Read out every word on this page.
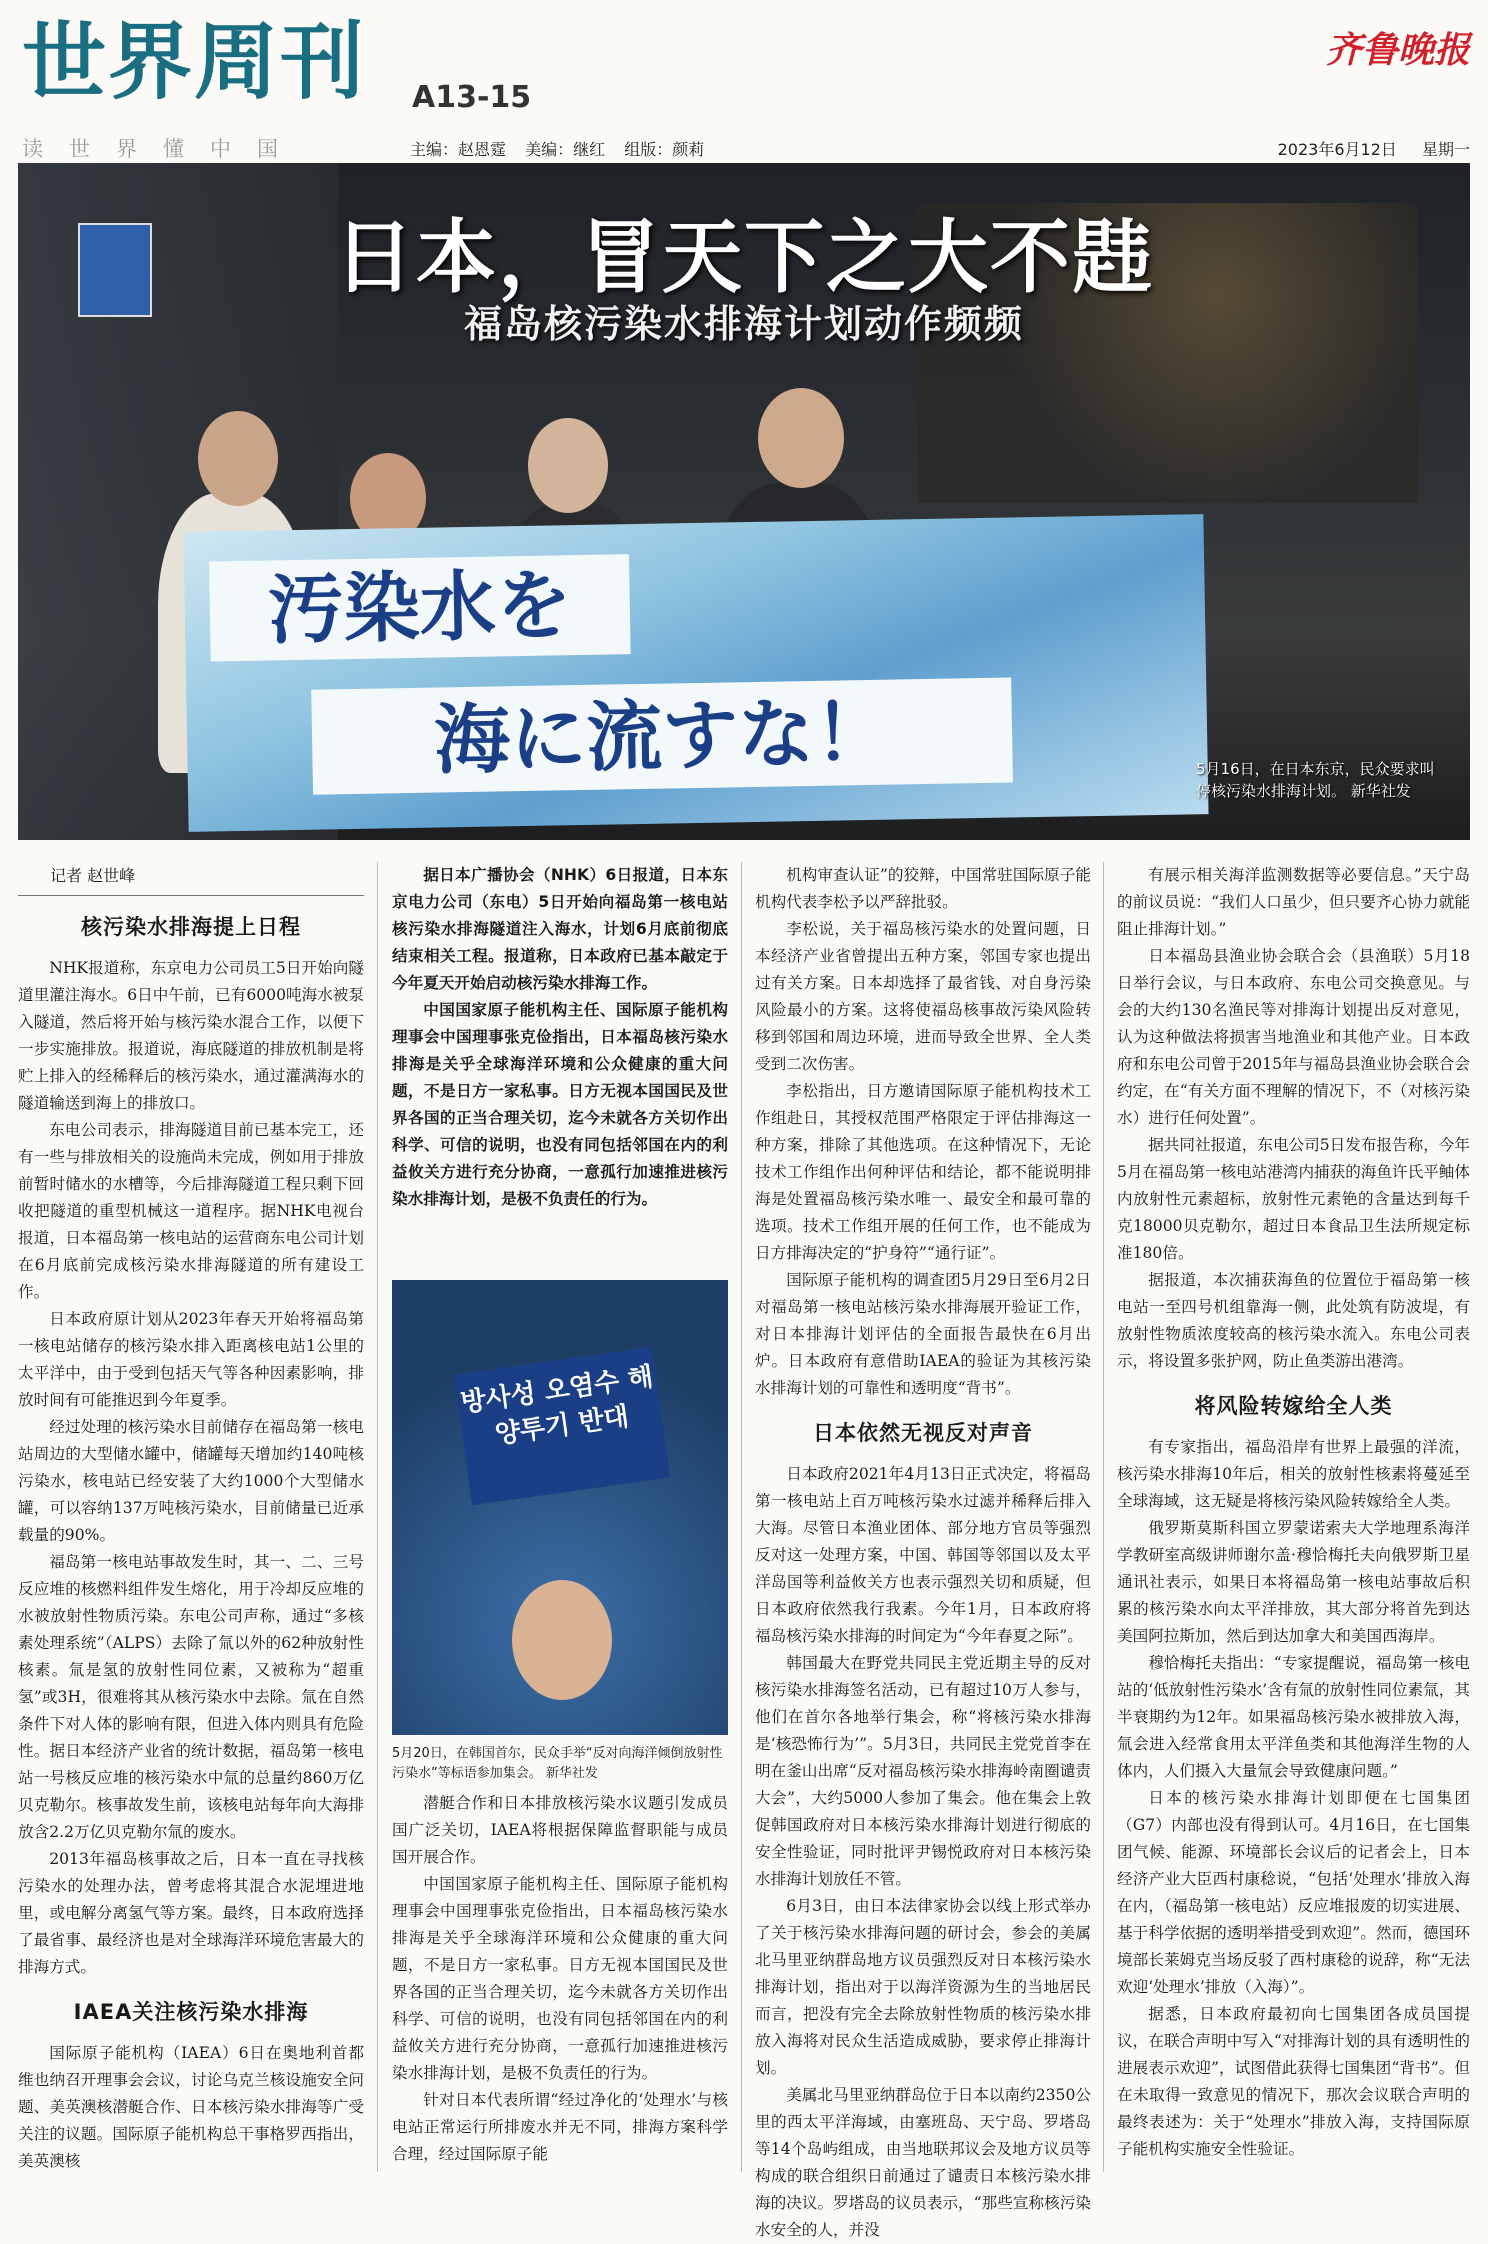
世界周刊 A13-15
齐鲁晚报
读世界懂中国	主编：赵恩霆 美编：继红 组版：颜莉	2023年6月12日 星期一
汚染水を
海に流すな！
日本，冒天下之大不韪
福岛核污染水排海计划动作频频
5月16日，在日本东京，民众要求叫停核污染水排海计划。 新华社发

记者 赵世峰

核污染水排海提上日程

NHK报道称，东京电力公司员工5日开始向隧道里灌注海水。6日中午前，已有6000吨海水被泵入隧道，然后将开始与核污染水混合工作，以便下一步实施排放。报道说，海底隧道的排放机制是将贮上排入的经稀释后的核污染水，通过灌满海水的隧道输送到海上的排放口。

东电公司表示，排海隧道目前已基本完工，还有一些与排放相关的设施尚未完成，例如用于排放前暂时储水的水槽等，今后排海隧道工程只剩下回收把隧道的重型机械这一道程序。据NHK电视台报道，日本福岛第一核电站的运营商东电公司计划在6月底前完成核污染水排海隧道的所有建设工作。

日本政府原计划从2023年春天开始将福岛第一核电站储存的核污染水排入距离核电站1公里的太平洋中，由于受到包括天气等各种因素影响，排放时间有可能推迟到今年夏季。

经过处理的核污染水目前储存在福岛第一核电站周边的大型储水罐中，储罐每天增加约140吨核污染水，核电站已经安装了大约1000个大型储水罐，可以容纳137万吨核污染水，目前储量已近承载量的90%。

福岛第一核电站事故发生时，其一、二、三号反应堆的核燃料组件发生熔化，用于冷却反应堆的水被放射性物质污染。东电公司声称，通过“多核素处理系统”（ALPS）去除了氚以外的62种放射性核素。氚是氢的放射性同位素，又被称为“超重氢”或3H，很难将其从核污染水中去除。氚在自然条件下对人体的影响有限，但进入体内则具有危险性。据日本经济产业省的统计数据，福岛第一核电站一号核反应堆的核污染水中氚的总量约860万亿贝克勒尔。核事故发生前，该核电站每年向大海排放含2.2万亿贝克勒尔氚的废水。

2013年福岛核事故之后，日本一直在寻找核污染水的处理办法，曾考虑将其混合水泥埋进地里，或电解分离氢气等方案。最终，日本政府选择了最省事、最经济也是对全球海洋环境危害最大的排海方式。

IAEA关注核污染水排海

国际原子能机构（IAEA）6日在奥地利首都维也纳召开理事会会议，讨论乌克兰核设施安全问题、美英澳核潜艇合作、日本核污染水排海等广受关注的议题。国际原子能机构总干事格罗西指出，美英澳核

据日本广播协会（NHK）6日报道，日本东京电力公司（东电）5日开始向福岛第一核电站核污染水排海隧道注入海水，计划6月底前彻底结束相关工程。报道称，日本政府已基本敲定于今年夏天开始启动核污染水排海工作。

中国国家原子能机构主任、国际原子能机构理事会中国理事张克俭指出，日本福岛核污染水排海是关乎全球海洋环境和公众健康的重大问题，不是日方一家私事。日方无视本国国民及世界各国的正当合理关切，迄今未就各方关切作出科学、可信的说明，也没有同包括邻国在内的利益攸关方进行充分协商，一意孤行加速推进核污染水排海计划，是极不负责任的行为。

방사성 오염수 해양투기 반대
5月20日，在韩国首尔，民众手举“反对向海洋倾倒放射性污染水”等标语参加集会。 新华社发

潜艇合作和日本排放核污染水议题引发成员国广泛关切，IAEA将根据保障监督职能与成员国开展合作。

中国国家原子能机构主任、国际原子能机构理事会中国理事张克俭指出，日本福岛核污染水排海是关乎全球海洋环境和公众健康的重大问题，不是日方一家私事。日方无视本国国民及世界各国的正当合理关切，迄今未就各方关切作出科学、可信的说明，也没有同包括邻国在内的利益攸关方进行充分协商，一意孤行加速推进核污染水排海计划，是极不负责任的行为。

针对日本代表所谓“经过净化的‘处理水’与核电站正常运行所排废水并无不同，排海方案科学合理，经过国际原子能

机构审查认证”的狡辩，中国常驻国际原子能机构代表李松予以严辞批驳。

李松说，关于福岛核污染水的处置问题，日本经济产业省曾提出五种方案，邻国专家也提出过有关方案。日本却选择了最省钱、对自身污染风险最小的方案。这将使福岛核事故污染风险转移到邻国和周边环境，进而导致全世界、全人类受到二次伤害。

李松指出，日方邀请国际原子能机构技术工作组赴日，其授权范围严格限定于评估排海这一种方案，排除了其他选项。在这种情况下，无论技术工作组作出何种评估和结论，都不能说明排海是处置福岛核污染水唯一、最安全和最可靠的选项。技术工作组开展的任何工作，也不能成为日方排海决定的“护身符”“通行证”。

国际原子能机构的调查团5月29日至6月2日对福岛第一核电站核污染水排海展开验证工作，对日本排海计划评估的全面报告最快在6月出炉。日本政府有意借助IAEA的验证为其核污染水排海计划的可靠性和透明度“背书”。

日本依然无视反对声音

日本政府2021年4月13日正式决定，将福岛第一核电站上百万吨核污染水过滤并稀释后排入大海。尽管日本渔业团体、部分地方官员等强烈反对这一处理方案，中国、韩国等邻国以及太平洋岛国等利益攸关方也表示强烈关切和质疑，但日本政府依然我行我素。今年1月，日本政府将福岛核污染水排海的时间定为“今年春夏之际”。

韩国最大在野党共同民主党近期主导的反对核污染水排海签名活动，已有超过10万人参与，他们在首尔各地举行集会，称“将核污染水排海是‘核恐怖行为’”。5月3日，共同民主党党首李在明在釜山出席“反对福岛核污染水排海岭南圈谴责大会”，大约5000人参加了集会。他在集会上敦促韩国政府对日本核污染水排海计划进行彻底的安全性验证，同时批评尹锡悦政府对日本核污染水排海计划放任不管。

6月3日，由日本法律家协会以线上形式举办了关于核污染水排海问题的研讨会，参会的美属北马里亚纳群岛地方议员强烈反对日本核污染水排海计划，指出对于以海洋资源为生的当地居民而言，把没有完全去除放射性物质的核污染水排放入海将对民众生活造成威胁，要求停止排海计划。

美属北马里亚纳群岛位于日本以南约2350公里的西太平洋海域，由塞班岛、天宁岛、罗塔岛等14个岛屿组成，由当地联邦议会及地方议员等构成的联合组织日前通过了谴责日本核污染水排海的决议。罗塔岛的议员表示，“那些宣称核污染水安全的人，并没

有展示相关海洋监测数据等必要信息。”天宁岛的前议员说：“我们人口虽少，但只要齐心协力就能阻止排海计划。”

日本福岛县渔业协会联合会（县渔联）5月18日举行会议，与日本政府、东电公司交换意见。与会的大约130名渔民等对排海计划提出反对意见，认为这种做法将损害当地渔业和其他产业。日本政府和东电公司曾于2015年与福岛县渔业协会联合会约定，在“有关方面不理解的情况下，不（对核污染水）进行任何处置”。

据共同社报道，东电公司5日发布报告称，今年5月在福岛第一核电站港湾内捕获的海鱼许氏平鲉体内放射性元素超标，放射性元素铯的含量达到每千克18000贝克勒尔，超过日本食品卫生法所规定标准180倍。

据报道，本次捕获海鱼的位置位于福岛第一核电站一至四号机组靠海一侧，此处筑有防波堤，有放射性物质浓度较高的核污染水流入。东电公司表示，将设置多张护网，防止鱼类游出港湾。

将风险转嫁给全人类

有专家指出，福岛沿岸有世界上最强的洋流，核污染水排海10年后，相关的放射性核素将蔓延至全球海域，这无疑是将核污染风险转嫁给全人类。

俄罗斯莫斯科国立罗蒙诺索夫大学地理系海洋学教研室高级讲师谢尔盖·穆恰梅托夫向俄罗斯卫星通讯社表示，如果日本将福岛第一核电站事故后积累的核污染水向太平洋排放，其大部分将首先到达美国阿拉斯加，然后到达加拿大和美国西海岸。

穆恰梅托夫指出：“专家提醒说，福岛第一核电站的‘低放射性污染水’含有氚的放射性同位素氚，其半衰期约为12年。如果福岛核污染水被排放入海，氚会进入经常食用太平洋鱼类和其他海洋生物的人体内，人们摄入大量氚会导致健康问题。”

日本的核污染水排海计划即便在七国集团（G7）内部也没有得到认可。4月16日，在七国集团气候、能源、环境部长会议后的记者会上，日本经济产业大臣西村康稔说，“包括‘处理水’排放入海在内，（福岛第一核电站）反应堆报废的切实进展、基于科学依据的透明举措受到欢迎”。然而，德国环境部长莱姆克当场反驳了西村康稔的说辞，称“无法欢迎‘处理水’排放（入海）”。

据悉，日本政府最初向七国集团各成员国提议，在联合声明中写入“对排海计划的具有透明性的进展表示欢迎”，试图借此获得七国集团“背书”。但在未取得一致意见的情况下，那次会议联合声明的最终表述为：关于“处理水”排放入海，支持国际原子能机构实施安全性验证。
